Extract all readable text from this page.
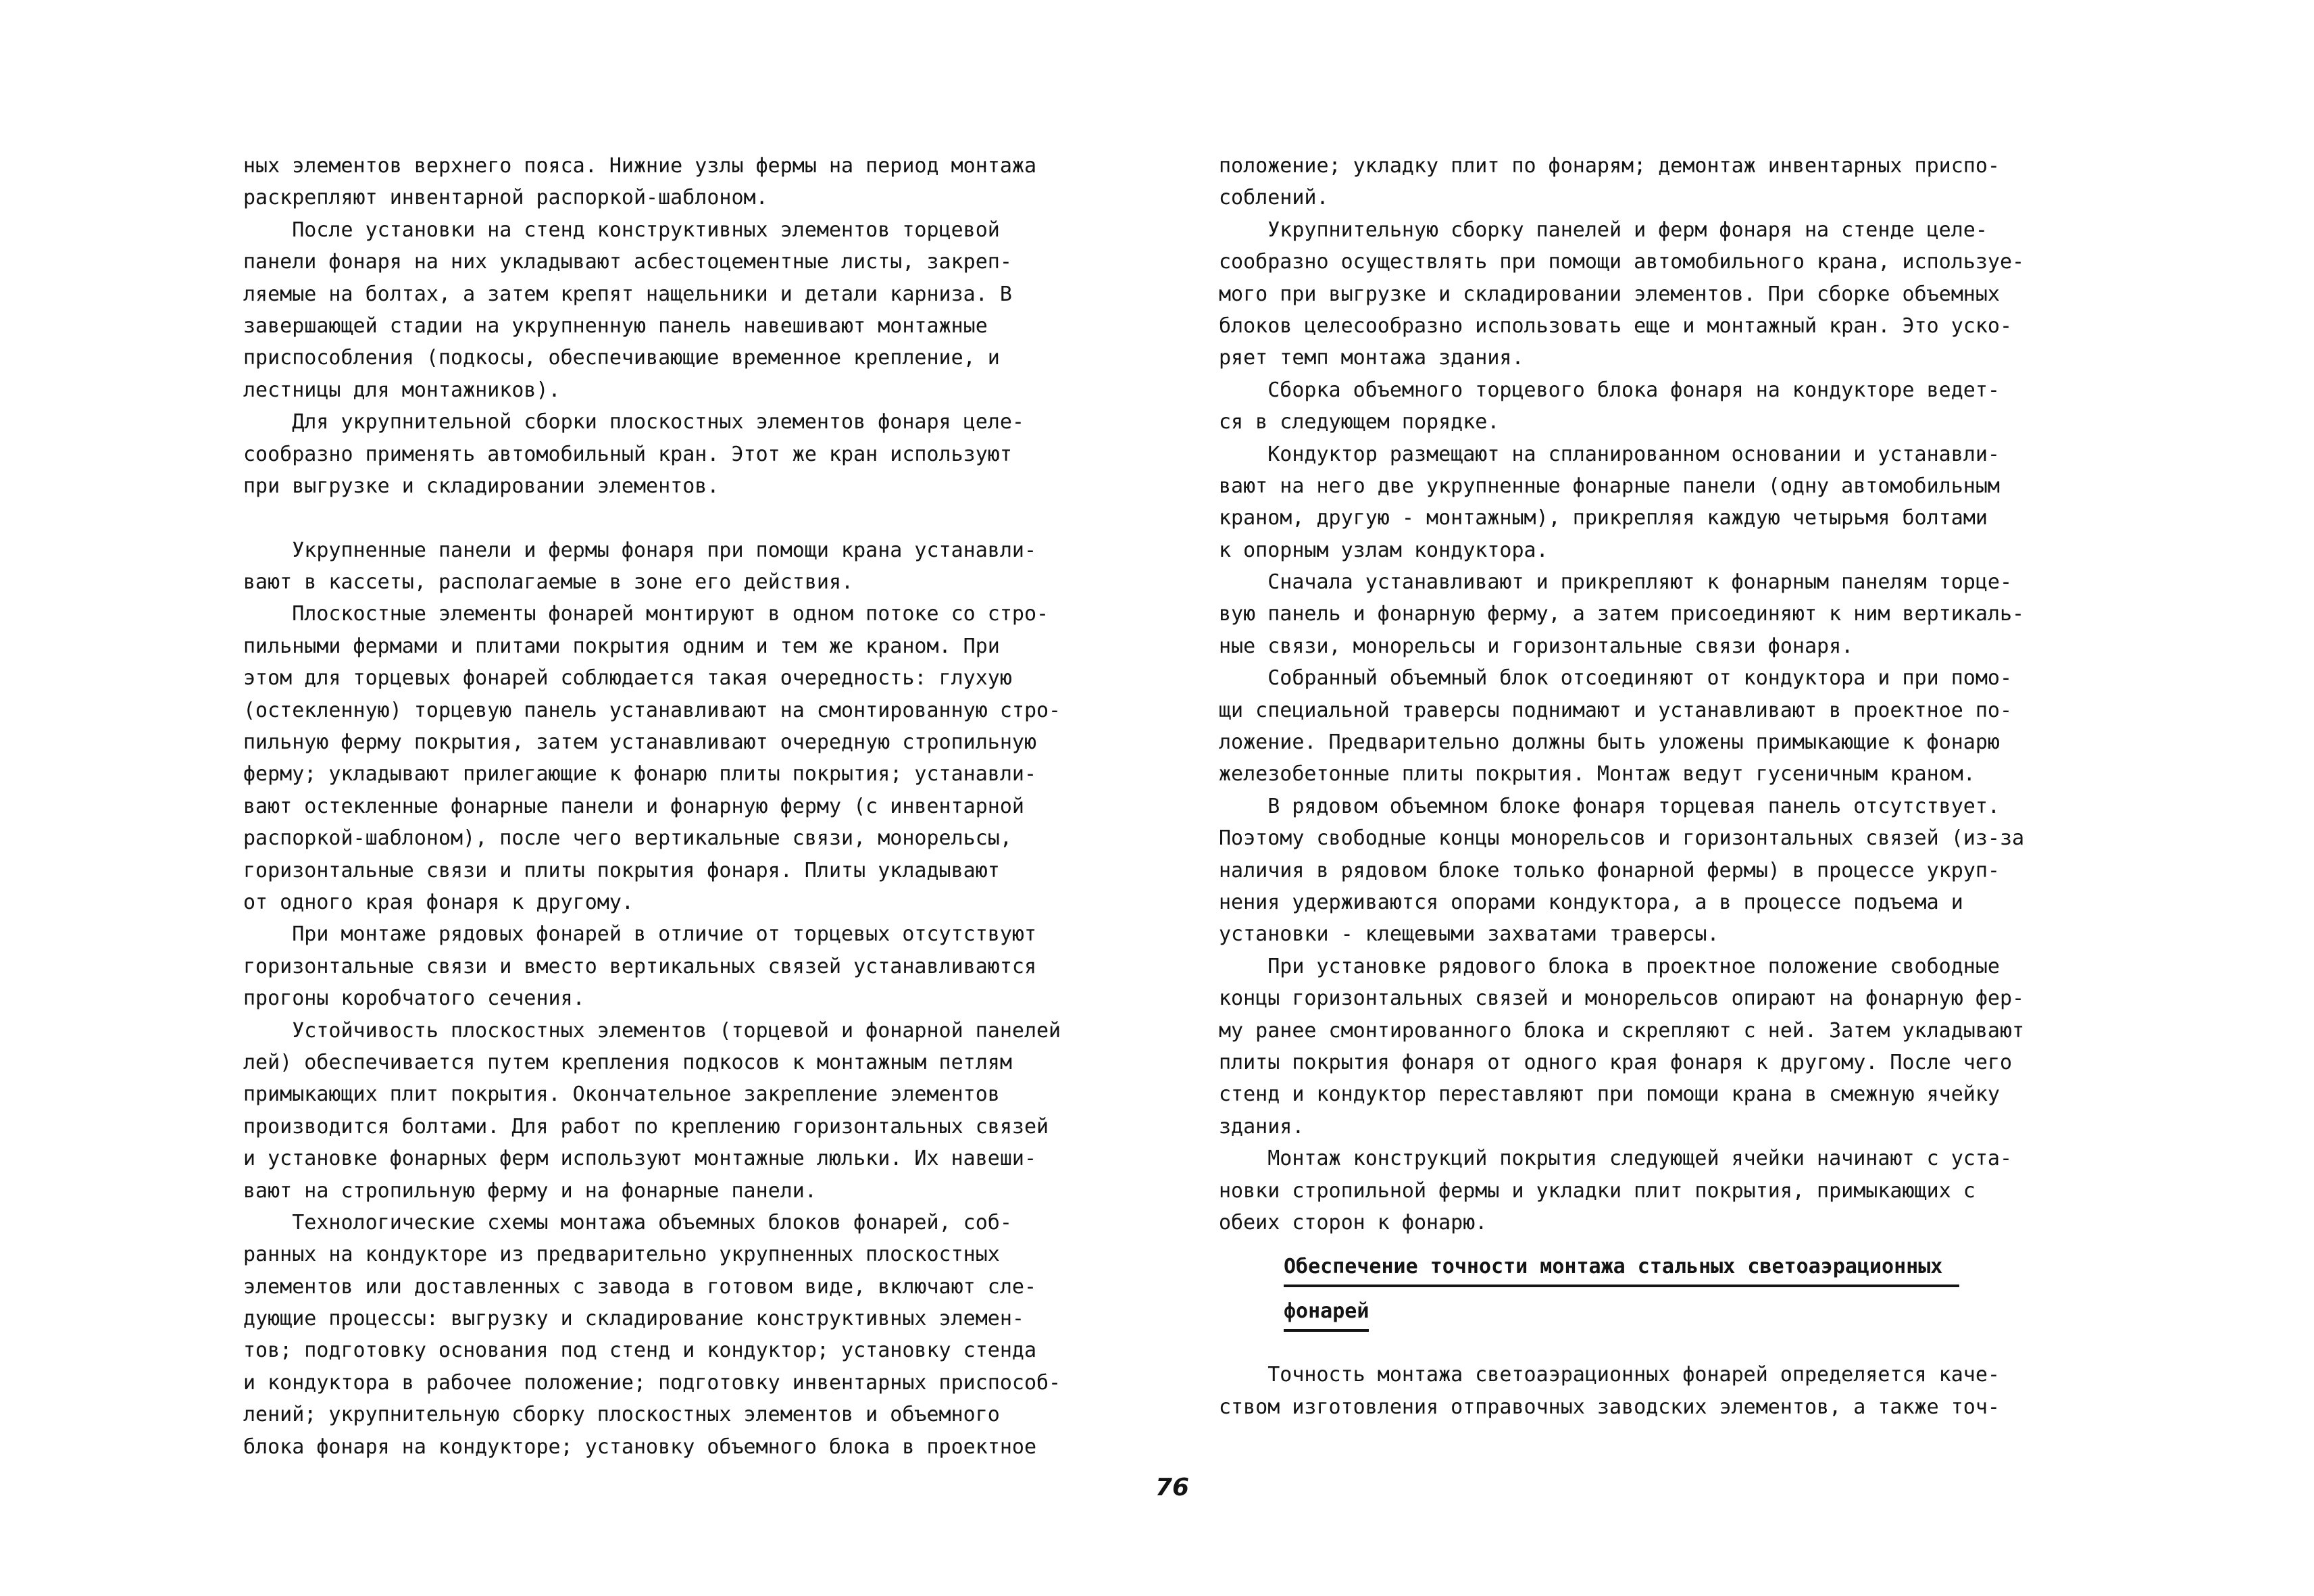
ных элементов верхнего пояса. Нижние узлы фермы на период монтажа
раскрепляют инвентарной распоркой-шаблоном.
После установки на стенд конструктивных элементов торцевой
панели фонаря на них укладывают асбестоцементные листы, закреп-
ляемые на болтах, а затем крепят нащельники и детали карниза. В
завершающей стадии на укрупненную панель навешивают монтажные
приспособления (подкосы, обеспечивающие временное крепление, и
лестницы для монтажников).
Для укрупнительной сборки плоскостных элементов фонаря целе-
сообразно применять автомобильный кран. Этот же кран используют
при выгрузке и складировании элементов.
Укрупненные панели и фермы фонаря при помощи крана устанавли-
вают в кассеты, располагаемые в зоне его действия.
Плоскостные элементы фонарей монтируют в одном потоке со стро-
пильными фермами и плитами покрытия одним и тем же краном. При
этом для торцевых фонарей соблюдается такая очередность: глухую
(остекленную) торцевую панель устанавливают на смонтированную стро-
пильную ферму покрытия, затем устанавливают очередную стропильную
ферму; укладывают прилегающие к фонарю плиты покрытия; устанавли-
вают остекленные фонарные панели и фонарную ферму (с инвентарной
распоркой-шаблоном), после чего вертикальные связи, монорельсы,
горизонтальные связи и плиты покрытия фонаря. Плиты укладывают
от одного края фонаря к другому.
При монтаже рядовых фонарей в отличие от торцевых отсутствуют
горизонтальные связи и вместо вертикальных связей устанавливаются
прогоны коробчатого сечения.
Устойчивость плоскостных элементов (торцевой и фонарной панелей
лей) обеспечивается путем крепления подкосов к монтажным петлям
примыкающих плит покрытия. Окончательное закрепление элементов
производится болтами. Для работ по креплению горизонтальных связей
и установке фонарных ферм используют монтажные люльки. Их навеши-
вают на стропильную ферму и на фонарные панели.
Технологические схемы монтажа объемных блоков фонарей, соб-
ранных на кондукторе из предварительно укрупненных плоскостных
элементов или доставленных с завода в готовом виде, включают сле-
дующие процессы: выгрузку и складирование конструктивных элемен-
тов; подготовку основания под стенд и кондуктор; установку стенда
и кондуктора в рабочее положение; подготовку инвентарных приспособ-
лений; укрупнительную сборку плоскостных элементов и объемного
блока фонаря на кондукторе; установку объемного блока в проектное
положение; укладку плит по фонарям; демонтаж инвентарных приспо-
соблений.
Укрупнительную сборку панелей и ферм фонаря на стенде целе-
сообразно осуществлять при помощи автомобильного крана, используе-
мого при выгрузке и складировании элементов. При сборке объемных
блоков целесообразно использовать еще и монтажный кран. Это уско-
ряет темп монтажа здания.
Сборка объемного торцевого блока фонаря на кондукторе ведет-
ся в следующем порядке.
Кондуктор размещают на спланированном основании и устанавли-
вают на него две укрупненные фонарные панели (одну автомобильным
краном, другую - монтажным), прикрепляя каждую четырьмя болтами
к опорным узлам кондуктора.
Сначала устанавливают и прикрепляют к фонарным панелям торце-
вую панель и фонарную ферму, а затем присоединяют к ним вертикаль-
ные связи, монорельсы и горизонтальные связи фонаря.
Собранный объемный блок отсоединяют от кондуктора и при помо-
щи специальной траверсы поднимают и устанавливают в проектное по-
ложение. Предварительно должны быть уложены примыкающие к фонарю
железобетонные плиты покрытия. Монтаж ведут гусеничным краном.
В рядовом объемном блоке фонаря торцевая панель отсутствует.
Поэтому свободные концы монорельсов и горизонтальных связей (из-за
наличия в рядовом блоке только фонарной фермы) в процессе укруп-
нения удерживаются опорами кондуктора, а в процессе подъема и
установки - клещевыми захватами траверсы.
При установке рядового блока в проектное положение свободные
концы горизонтальных связей и монорельсов опирают на фонарную фер-
му ранее смонтированного блока и скрепляют с ней. Затем укладывают
плиты покрытия фонаря от одного края фонаря к другому. После чего
стенд и кондуктор переставляют при помощи крана в смежную ячейку
здания.
Монтаж конструкций покрытия следующей ячейки начинают с уста-
новки стропильной фермы и укладки плит покрытия, примыкающих с
обеих сторон к фонарю.
Обеспечение точности монтажа стальных светоаэрационных
фонарей
Точность монтажа светоаэрационных фонарей определяется каче-
ством изготовления отправочных заводских элементов, а также точ-
76
